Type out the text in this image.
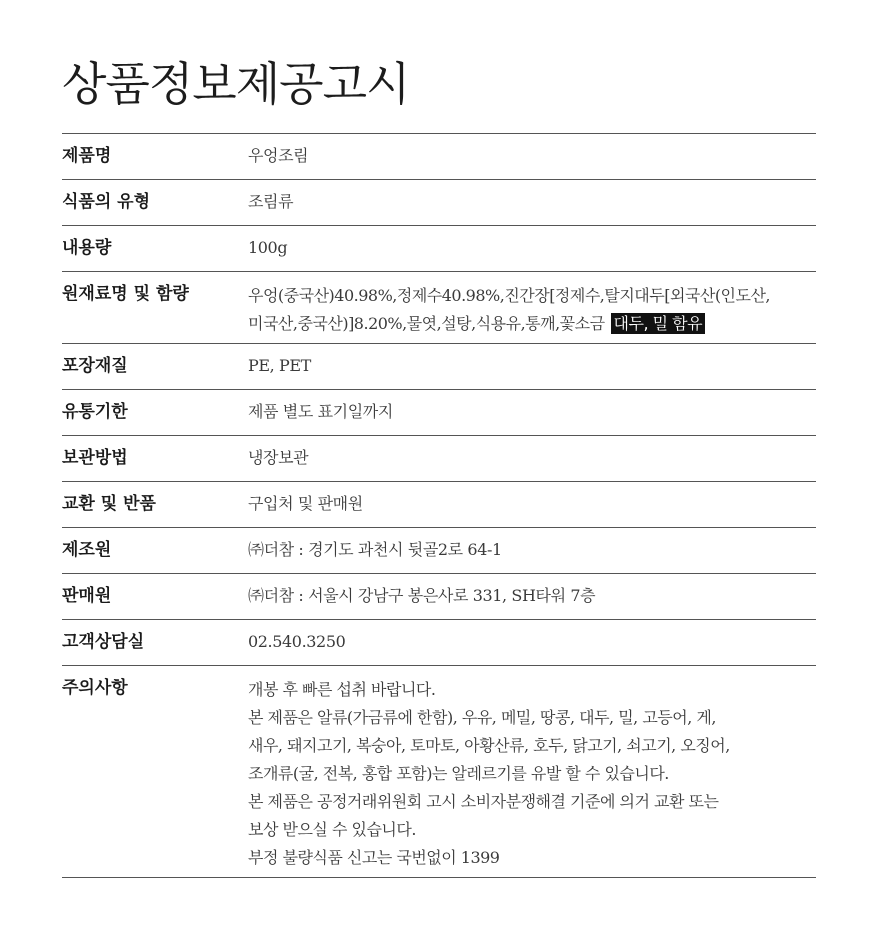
상품정보제공고시
제품명	우엉조림
식품의 유형	조림류
내용량	100g
원재료명 및 함량	우엉(중국산)40.98%,정제수40.98%,진간장[정제수,탈지대두[외국산(인도산,
미국산,중국산)]8.20%,물엿,설탕,식용유,통깨,꽃소금 대두, 밀 함유
포장재질	PE, PET
유통기한	제품 별도 표기일까지
보관방법	냉장보관
교환 및 반품	구입처 및 판매원
제조원	㈜더참 : 경기도 과천시 뒷골2로 64-1
판매원	㈜더참 : 서울시 강남구 봉은사로 331, SH타워 7층
고객상담실	02.540.3250
주의사항	개봉 후 빠른 섭취 바랍니다.
본 제품은 알류(가금류에 한함), 우유, 메밀, 땅콩, 대두, 밀, 고등어, 게,
새우, 돼지고기, 복숭아, 토마토, 아황산류, 호두, 닭고기, 쇠고기, 오징어,
조개류(굴, 전복, 홍합 포함)는 알레르기를 유발 할 수 있습니다.
본 제품은 공정거래위원회 고시 소비자분쟁해결 기준에 의거 교환 또는
보상 받으실 수 있습니다.
부정 불량식품 신고는 국번없이 1399
